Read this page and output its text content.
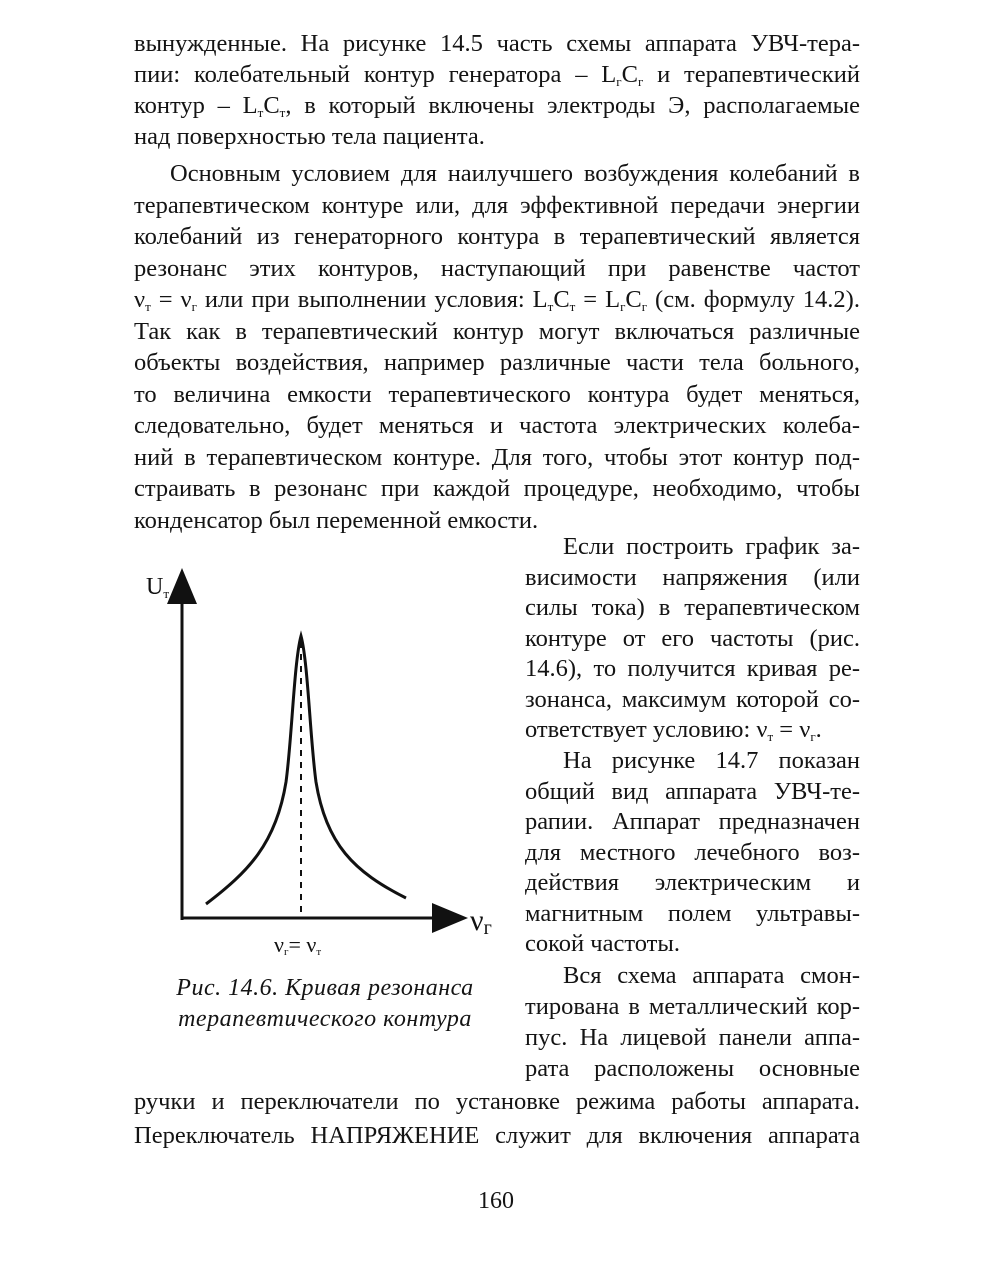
вынужденные. На рисунке 14.5 часть схемы аппарата УВЧ-тера-
пии: колебательный контур генератора – $L_гC_г$ и терапевтический
контур – $L_тC_т$, в который включены электроды Э, располагаемые
над поверхностью тела пациента.
Основным условием для наилучшего возбуждения колебаний в
терапевтическом контуре или, для эффективной передачи энергии
колебаний из генераторного контура в терапевтический является
резонанс этих контуров, наступающий при равенстве частот
$\nu_т = \nu_г$ или при выполнении условия: $L_тC_т = L_гC_г$ (см. формулу 14.2).
Так как в терапевтический контур могут включаться различные
объекты воздействия, например различные части тела больного,
то величина емкости терапевтического контура будет меняться,
следовательно, будет меняться и частота электрических колеба-
ний в терапевтическом контуре. Для того, чтобы этот контур под-
страивать в резонанс при каждой процедуре, необходимо, чтобы
конденсатор был переменной емкости.
Если построить график за-
висимости напряжения (или
силы тока) в терапевтическом
контуре от его частоты (рис.
14.6), то получится кривая ре-
зонанса, максимум которой со-
ответствует условию: $\nu_т = \nu_г$.
На рисунке 14.7 показан
общий вид аппарата УВЧ-те-
рапии. Аппарат предназначен
для местного лечебного воз-
действия электрическим и
магнитным полем ультравы-
сокой частоты.
Вся схема аппарата смон-
тирована в металлический кор-
пус. На лицевой панели аппа-
рата расположены основные
ручки и переключатели по установке режима работы аппарата.
Переключатель НАПРЯЖЕНИЕ служит для включения аппарата
Uт
νг
νг= νт
Рис. 14.6. Кривая резонанса
терапевтического контура
160
